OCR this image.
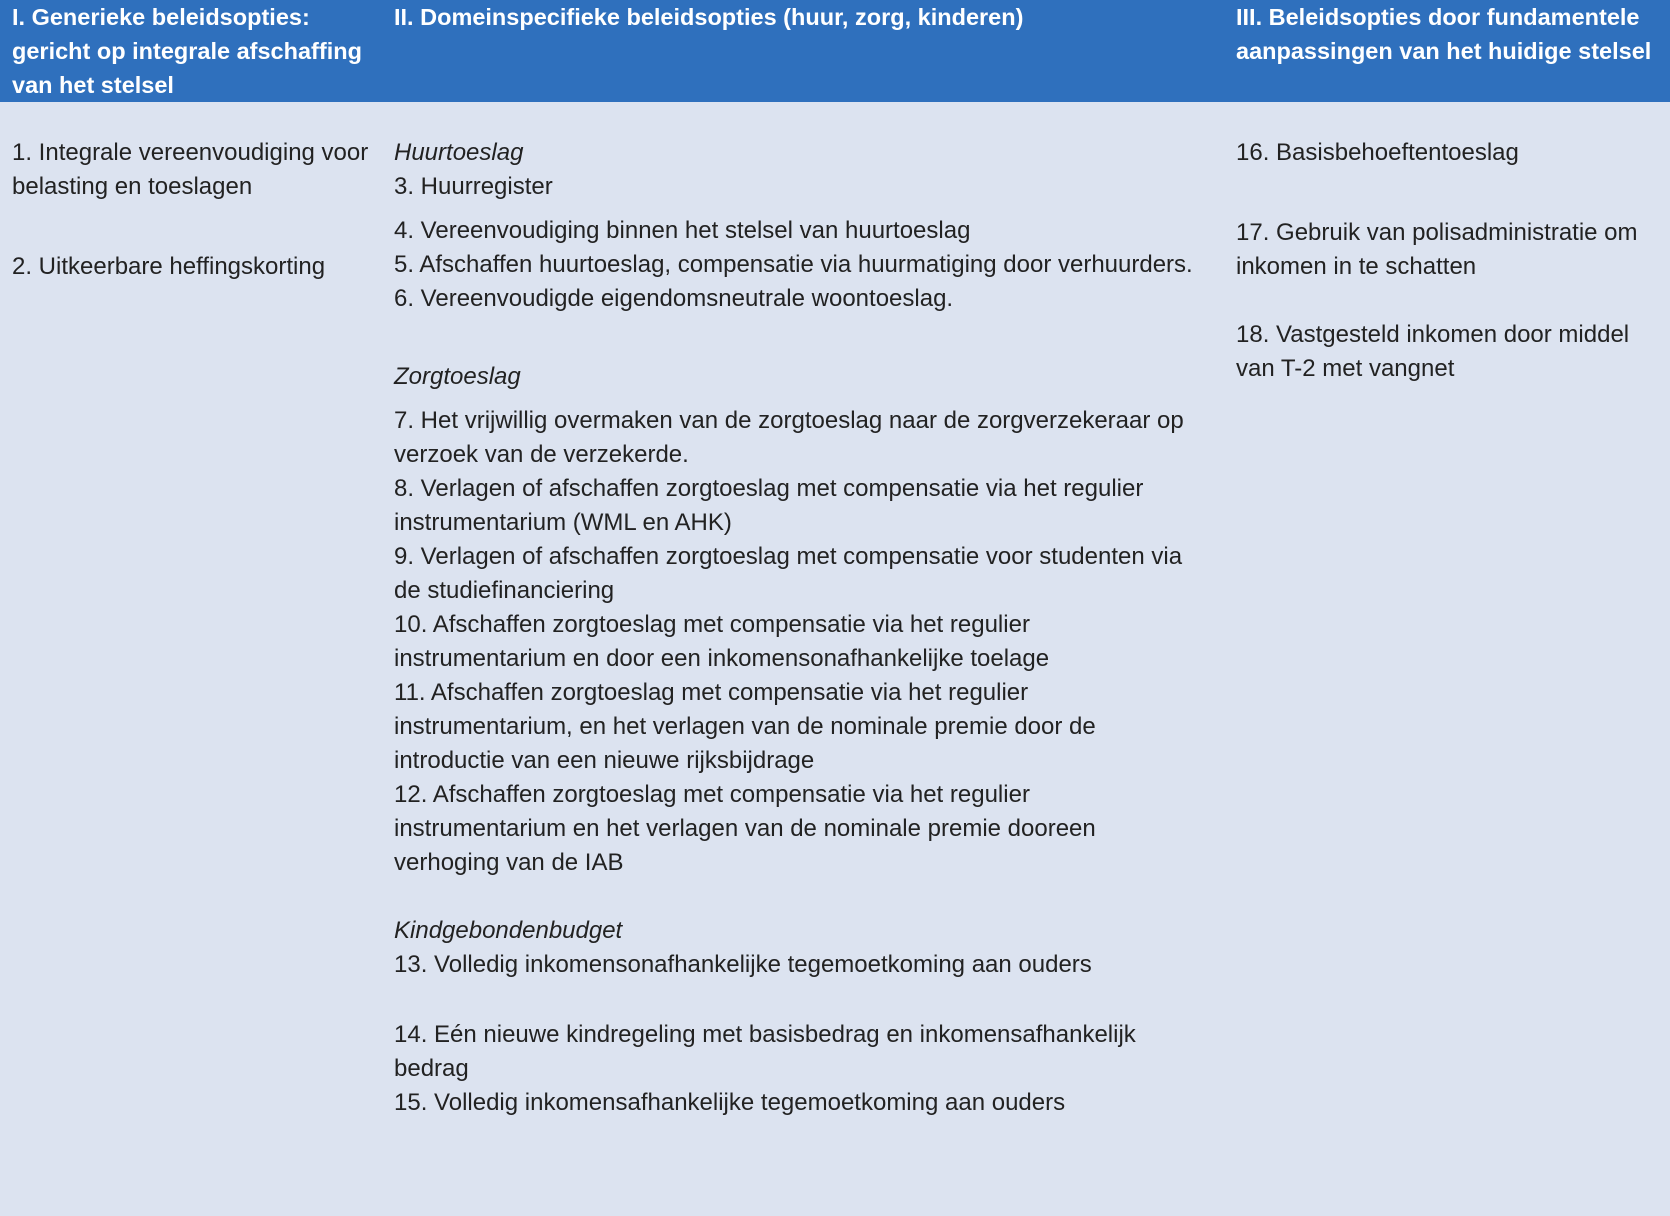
I. Generieke beleidsopties: gericht op integrale afschaffing van het stelsel
II. Domeinspecifieke beleidsopties (huur, zorg, kinderen)	III. Beleidsopties door fundamentele aanpassingen van het huidige stelsel

1. Integrale vereenvoudiging voor belasting en toeslagen

2. Uitkeerbare heffingskorting

Huurtoeslag

3. Huurregister

4. Vereenvoudiging binnen het stelsel van huurtoeslag

5. Afschaffen huurtoeslag, compensatie via huurmatiging door verhuurders.

6. Vereenvoudigde eigendomsneutrale woontoeslag.

Zorgtoeslag

7. Het vrijwillig overmaken van de zorgtoeslag naar de zorgverzekeraar op verzoek van de verzekerde.

8. Verlagen of afschaffen zorgtoeslag met compensatie via het regulier instrumentarium (WML en AHK)

9. Verlagen of afschaffen zorgtoeslag met compensatie voor studenten via de studiefinanciering

10. Afschaffen zorgtoeslag met compensatie via het regulier instrumentarium en door een inkomensonafhankelijke toelage

11. Afschaffen zorgtoeslag met compensatie via het regulier instrumentarium, en het verlagen van de nominale premie door de introductie van een nieuwe rijksbijdrage

12. Afschaffen zorgtoeslag met compensatie via het regulier instrumentarium en het verlagen van de nominale premie dooreen verhoging van de IAB

Kindgebondenbudget

13. Volledig inkomensonafhankelijke tegemoetkoming aan ouders

14. Eén nieuwe kindregeling met basisbedrag en inkomensafhankelijk bedrag

15. Volledig inkomensafhankelijke tegemoetkoming aan ouders

16. Basisbehoeftentoeslag

17. Gebruik van polisadministratie om inkomen in te schatten

18. Vastgesteld inkomen door middel van T-2 met vangnet
